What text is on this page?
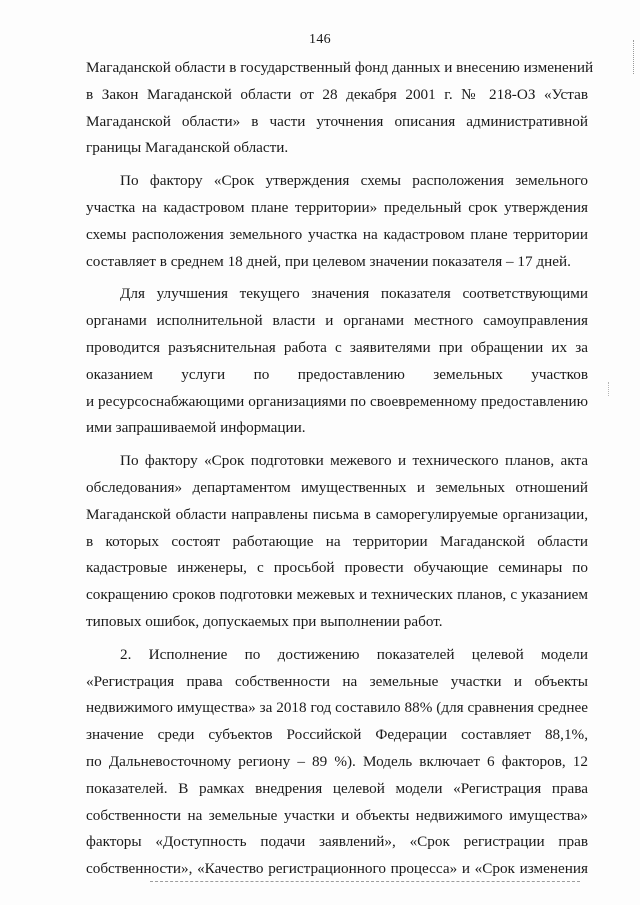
146
Магаданской области в государственный фонд данных и внесению изменений
в Закон Магаданской области от 28 декабря 2001 г. № 218-ОЗ «Устав
Магаданской области» в части уточнения описания административной
границы Магаданской области.
По фактору «Срок утверждения схемы расположения земельного
участка на кадастровом плане территории» предельный срок утверждения
схемы расположения земельного участка на кадастровом плане территории
составляет в среднем 18 дней, при целевом значении показателя – 17 дней.
Для улучшения текущего значения показателя соответствующими
органами исполнительной власти и органами местного самоуправления
проводится разъяснительная работа с заявителями при обращении их за
оказанием услуги по предоставлению земельных участков
и ресурсоснабжающими организациями по своевременному предоставлению
ими запрашиваемой информации.
По фактору «Срок подготовки межевого и технического планов, акта
обследования» департаментом имущественных и земельных отношений
Магаданской области направлены письма в саморегулируемые организации,
в которых состоят работающие на территории Магаданской области
кадастровые инженеры, с просьбой провести обучающие семинары по
сокращению сроков подготовки межевых и технических планов, с указанием
типовых ошибок, допускаемых при выполнении работ.
2. Исполнение по достижению показателей целевой модели
«Регистрация права собственности на земельные участки и объекты
недвижимого имущества» за 2018 год составило 88% (для сравнения среднее
значение среди субъектов Российской Федерации составляет 88,1%,
по Дальневосточному региону – 89 %). Модель включает 6 факторов, 12
показателей. В рамках внедрения целевой модели «Регистрация права
собственности на земельные участки и объекты недвижимого имущества»
факторы «Доступность подачи заявлений», «Срок регистрации прав
собственности», «Качество регистрационного процесса» и «Срок изменения
